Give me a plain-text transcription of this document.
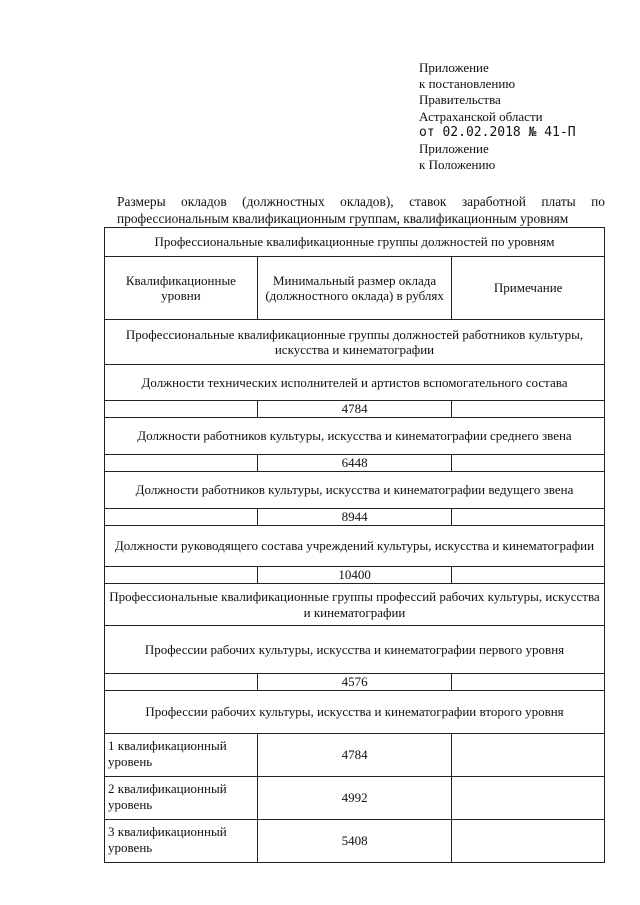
Приложение
к постановлению
Правительства
Астраханской области
от 02.02.2018 № 41-П
Приложение
к Положению
Размеры окладов (должностных окладов), ставок заработной платы по профессиональным квалификационным группам, квалификационным уровням
Профессиональные квалификационные группы должностей по уровням		
Квалификационные уровни	Минимальный размер оклада (должностного оклада) в рублях	Примечание
Профессиональные квалификационные группы должностей работников культуры, искусства и кинематографии		
Должности технических исполнителей и артистов вспомогательного состава		
	4784	
Должности работников культуры, искусства и кинематографии среднего звена		
	6448	
Должности работников культуры, искусства и кинематографии ведущего звена		
	8944	
Должности руководящего состава учреждений культуры, искусства и кинематографии		
	10400	
Профессиональные квалификационные группы профессий рабочих культуры, искусства и кинематографии		
Профессии рабочих культуры, искусства и кинематографии первого уровня		
	4576	
Профессии рабочих культуры, искусства и кинематографии второго уровня		
1 квалификационный уровень	4784	
2 квалификационный уровень	4992	
3 квалификационный уровень	5408	
